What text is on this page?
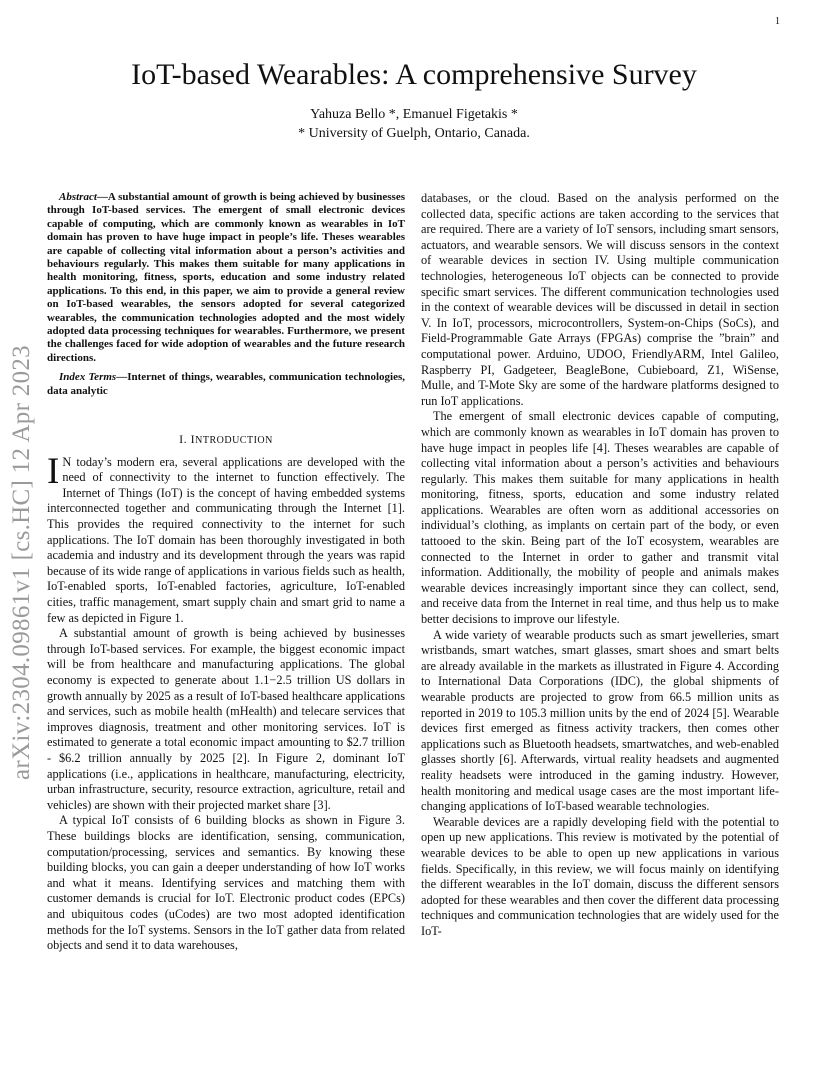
1
arXiv:2304.09861v1 [cs.HC] 12 Apr 2023
IoT-based Wearables: A comprehensive Survey
Yahuza Bello *, Emanuel Figetakis *
* University of Guelph, Ontario, Canada.

Abstract—A substantial amount of growth is being achieved by businesses through IoT-based services. The emergent of small electronic devices capable of computing, which are commonly known as wearables in IoT domain has proven to have huge impact in people’s life. Theses wearables are capable of collecting vital information about a person’s activities and behaviours regularly. This makes them suitable for many applications in health monitoring, fitness, sports, education and some industry related applications. To this end, in this paper, we aim to provide a general review on IoT-based wearables, the sensors adopted for several categorized wearables, the communication technologies adopted and the most widely adopted data processing techniques for wearables. Furthermore, we present the challenges faced for wide adoption of wearables and the future research directions.

Index Terms—Internet of things, wearables, communication technologies, data analytic

I. INTRODUCTION

I N today’s modern era, several applications are developed with the need of connectivity to the internet to function effectively. The Internet of Things (IoT) is the concept of having embedded systems interconnected together and communicating through the Internet [1]. This provides the required connectivity to the internet for such applications. The IoT domain has been thoroughly investigated in both academia and industry and its development through the years was rapid because of its wide range of applications in various fields such as health, IoT-enabled sports, IoT-enabled factories, agriculture, IoT-enabled cities, traffic management, smart supply chain and smart grid to name a few as depicted in Figure 1.

A substantial amount of growth is being achieved by businesses through IoT-based services. For example, the biggest economic impact will be from healthcare and manufacturing applications. The global economy is expected to generate about 1.1−2.5 trillion US dollars in growth annually by 2025 as a result of IoT-based healthcare applications and services, such as mobile health (mHealth) and telecare services that improves diagnosis, treatment and other monitoring services. IoT is estimated to generate a total economic impact amounting to $2.7 trillion - $6.2 trillion annually by 2025 [2]. In Figure 2, dominant IoT applications (i.e., applications in healthcare, manufacturing, electricity, urban infrastructure, security, resource extraction, agriculture, retail and vehicles) are shown with their projected market share [3].

A typical IoT consists of 6 building blocks as shown in Figure 3. These buildings blocks are identification, sensing, communication, computation/processing, services and semantics. By knowing these building blocks, you can gain a deeper understanding of how IoT works and what it means. Identifying services and matching them with customer demands is crucial for IoT. Electronic product codes (EPCs) and ubiquitous codes (uCodes) are two most adopted identification methods for the IoT systems. Sensors in the IoT gather data from related objects and send it to data warehouses,

databases, or the cloud. Based on the analysis performed on the collected data, specific actions are taken according to the services that are required. There are a variety of IoT sensors, including smart sensors, actuators, and wearable sensors. We will discuss sensors in the context of wearable devices in section IV. Using multiple communication technologies, heterogeneous IoT objects can be connected to provide specific smart services. The different communication technologies used in the context of wearable devices will be discussed in detail in section V. In IoT, processors, microcontrollers, System-on-Chips (SoCs), and Field-Programmable Gate Arrays (FPGAs) comprise the ”brain” and computational power. Arduino, UDOO, FriendlyARM, Intel Galileo, Raspberry PI, Gadgeteer, BeagleBone, Cubieboard, Z1, WiSense, Mulle, and T-Mote Sky are some of the hardware platforms designed to run IoT applications.

The emergent of small electronic devices capable of computing, which are commonly known as wearables in IoT domain has proven to have huge impact in peoples life [4]. Theses wearables are capable of collecting vital information about a person’s activities and behaviours regularly. This makes them suitable for many applications in health monitoring, fitness, sports, education and some industry related applications. Wearables are often worn as additional accessories on individual’s clothing, as implants on certain part of the body, or even tattooed to the skin. Being part of the IoT ecosystem, wearables are connected to the Internet in order to gather and transmit vital information. Additionally, the mobility of people and animals makes wearable devices increasingly important since they can collect, send, and receive data from the Internet in real time, and thus help us to make better decisions to improve our lifestyle.

A wide variety of wearable products such as smart jewelleries, smart wristbands, smart watches, smart glasses, smart shoes and smart belts are already available in the markets as illustrated in Figure 4. According to International Data Corporations (IDC), the global shipments of wearable products are projected to grow from 66.5 million units as reported in 2019 to 105.3 million units by the end of 2024 [5]. Wearable devices first emerged as fitness activity trackers, then comes other applications such as Bluetooth headsets, smartwatches, and web-enabled glasses shortly [6]. Afterwards, virtual reality headsets and augmented reality headsets were introduced in the gaming industry. However, health monitoring and medical usage cases are the most important life-changing applications of IoT-based wearable technologies.

Wearable devices are a rapidly developing field with the potential to open up new applications. This review is motivated by the potential of wearable devices to be able to open up new applications in various fields. Specifically, in this review, we will focus mainly on identifying the different wearables in the IoT domain, discuss the different sensors adopted for these wearables and then cover the different data processing techniques and communication technologies that are widely used for the IoT-
